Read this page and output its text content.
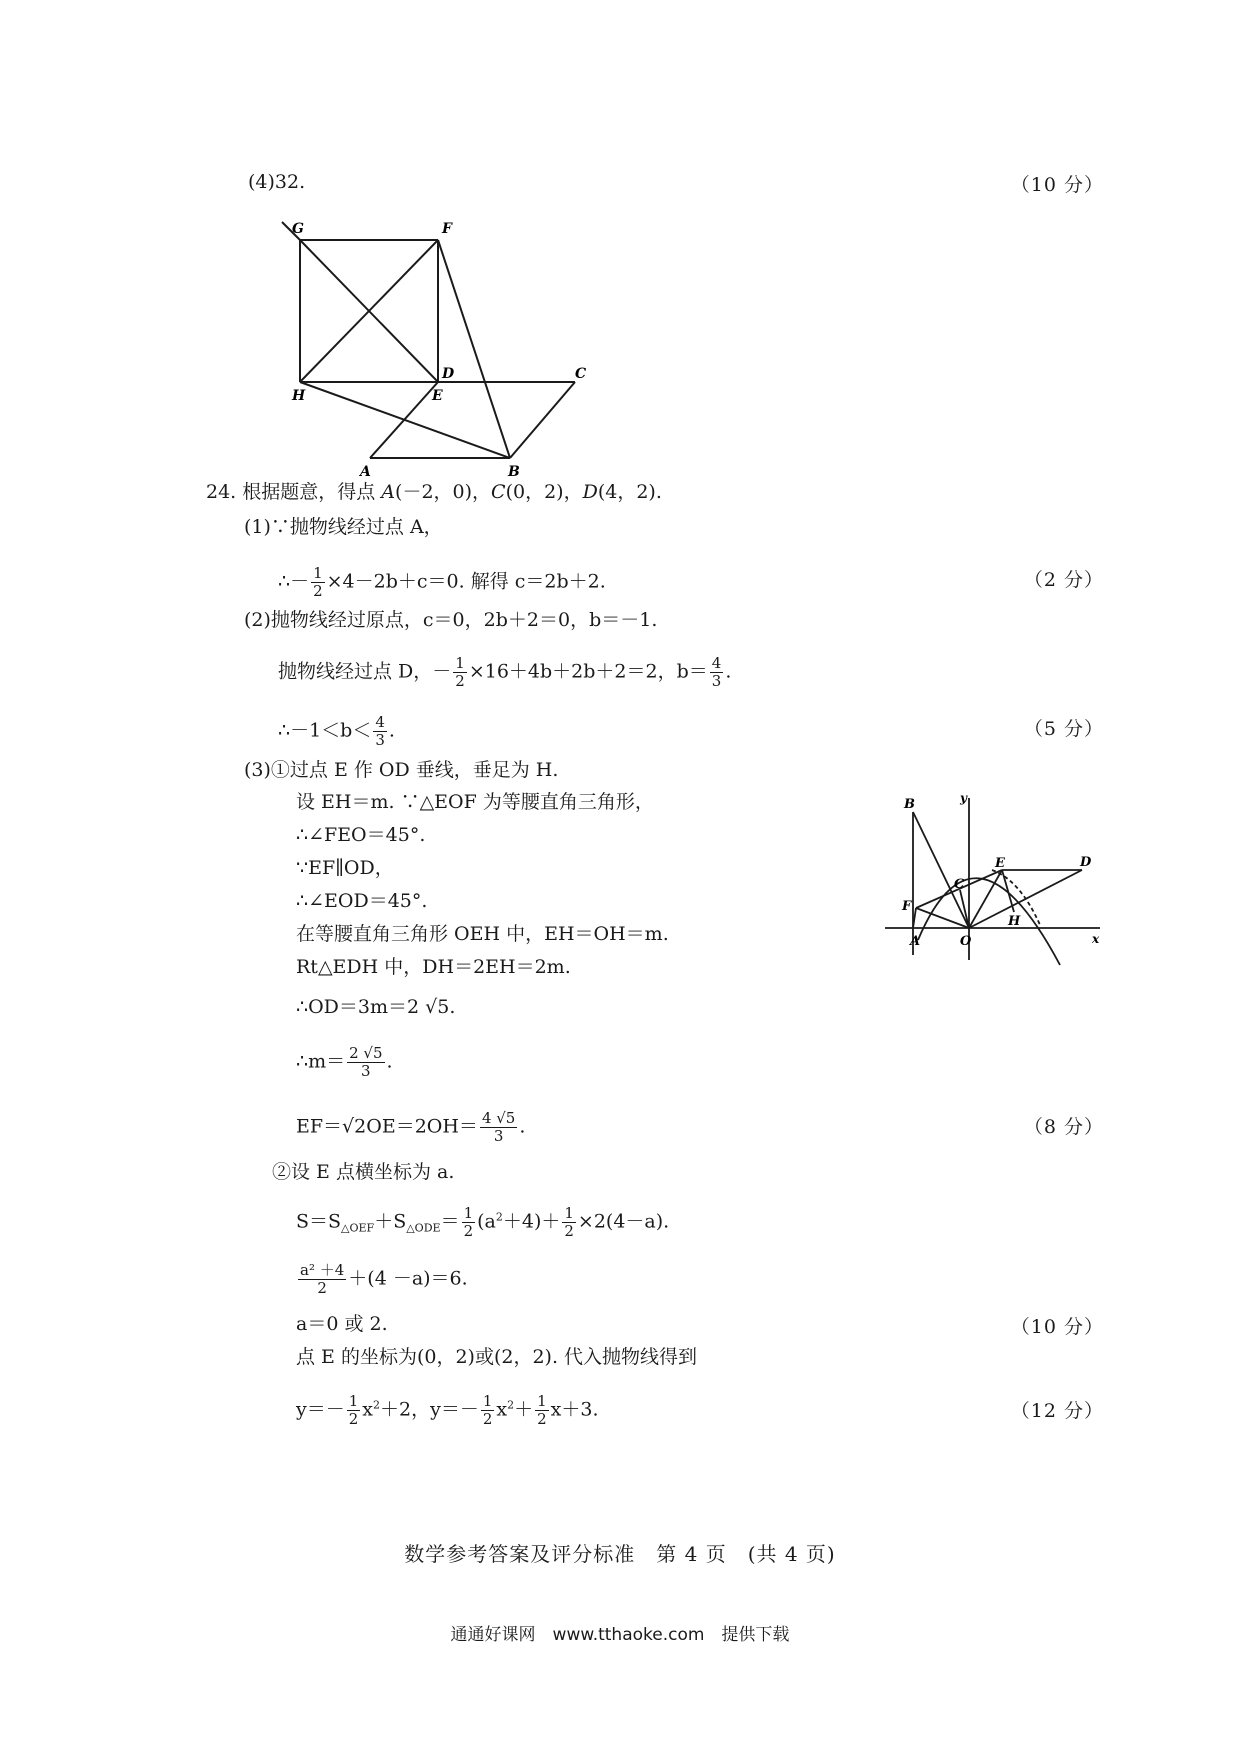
(4)32.	（10 分）
G	F
H
D
E
C
A	B
24. 根据题意，得点 A(－2，0)，C(0，2)，D(4，2).
(1)∵抛物线经过点 A，
∴－ $\frac{1}{2} \times 4-2b+c=0$. 解得 c＝2b＋2.	（2 分）
(2)抛物线经过原点，c＝0，2b＋2＝0，b＝－1.
抛物线经过点 D，－ $\frac{1}{2} \times 16+4b+2b+2=2$，$b= \frac{4}{3}$ .
∴－1＜b＜ $\frac{4}{3}$ .	（5 分）
(3)①过点 E 作 OD 垂线，垂足为 H.
设 EH＝m. ∵△EOF 为等腰直角三角形，
∴∠FEO＝45°.
∵EF∥OD，
∴∠EOD＝45°.
在等腰直角三角形 OEH 中，EH＝OH＝m.
Rt△EDH 中，DH＝2EH＝2m.
∴OD＝3m＝2 √5.
∴m＝ $\frac{2 √5}{3}$ .
$EF=√2OE=2OH= \frac{4 √5}{3}$ .	（8 分）
②设 E 点横坐标为 a.
$S=S_{\triangle OEF}+S_{\triangle ODE}= \frac{1}{2} (a^2+4)+ \frac{1}{2} \times 2(4-a)$.
$\frac{\text{a² ＋4}}{2} +(4 -a)=6$.
a＝0 或 2.	（10 分）
点 E 的坐标为(0，2)或(2，2). 代入抛物线得到
$y=- \frac{1}{2} x^2+2$，$y=- \frac{1}{2} x^2+ \frac{1}{2} x+3$.	（12 分）
B	y
C
E	D
F
H
A	O	x
数学参考答案及评分标准　第 4 页　(共 4 页)
通通好课网　www.tthaoke.com　提供下载
